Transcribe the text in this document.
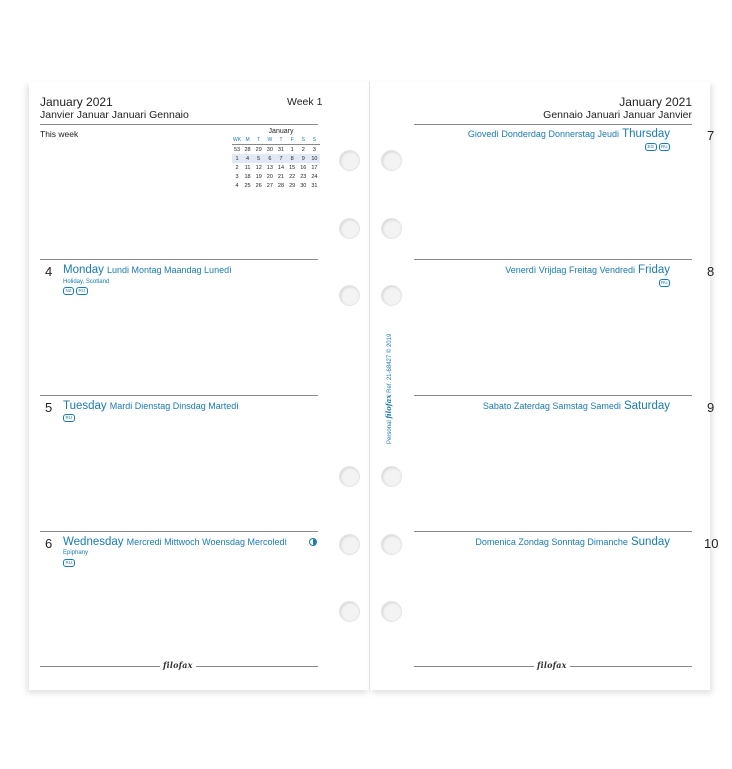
January 2021
Janvier Januar Januari Gennaio
Week 1
This week	January
WK	M	T	W	T	F	S	S
53	28	29	30	31	1	2	3
1	4	5	6	7	8	9	10
2	11	12	13	14	15	16	17
3	18	19	20	21	22	23	24
4	25	26	27	28	29	30	31
4 Monday Lundi Montag Maandag Lunedì
Holiday, Scotland
NZ	RU
5 Tuesday Mardi Dienstag Dinsdag Martedì
RU
6 Wednesday Mercredi Mittwoch Woensdag Mercoledì
Epiphany
RU
filofax
January 2021
Gennaio Januari Januar Janvier
7
Giovedì Donderdag Donnerstag Jeudi Thursday
EG	RU
8
Venerdì Vrijdag Freitag Vendredi Friday
RU
9
Sabato Zaterdag Samstag Samedi Saturday
10
Domenica Zondag Sonntag Dimanche Sunday
filofax
Personal filofax Ref. 21-68427 © 2019
